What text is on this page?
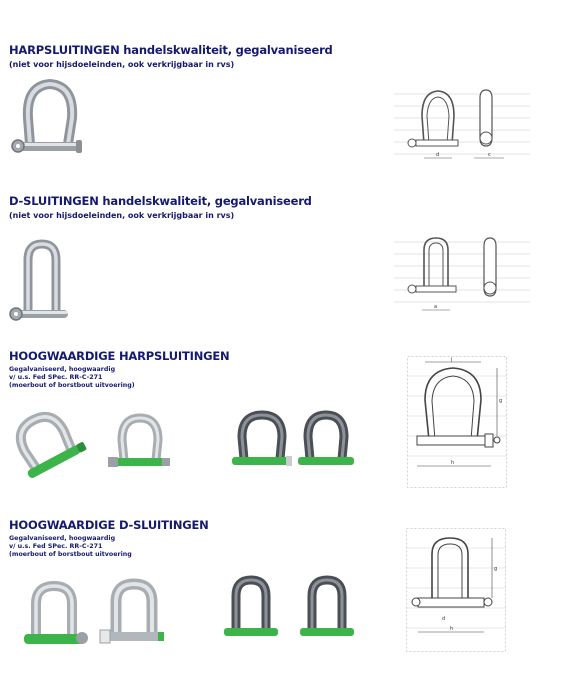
HARPSLUITINGEN handelskwaliteit, gegalvaniseerd
(niet voor hijsdoeleinden, ook verkrijgbaar in rvs)
d	c
D-SLUITINGEN handelskwaliteit, gegalvaniseerd
(niet voor hijsdoeleinden, ook verkrijgbaar in rvs)
a
HOOGWAARDIGE HARPSLUITINGEN
Gegalvaniseerd, hoogwaardig
v/ u.s. Fed SPec. RR-C-271
(moerbout of borstbout uitvoering)
h
j
g
HOOGWAARDIGE D-SLUITINGEN
Gegalvaniseerd, hoogwaardig
v/ u.s. Fed SPec. RR-C-271
(moerbout of borstbout uitvoering
h
g
d
